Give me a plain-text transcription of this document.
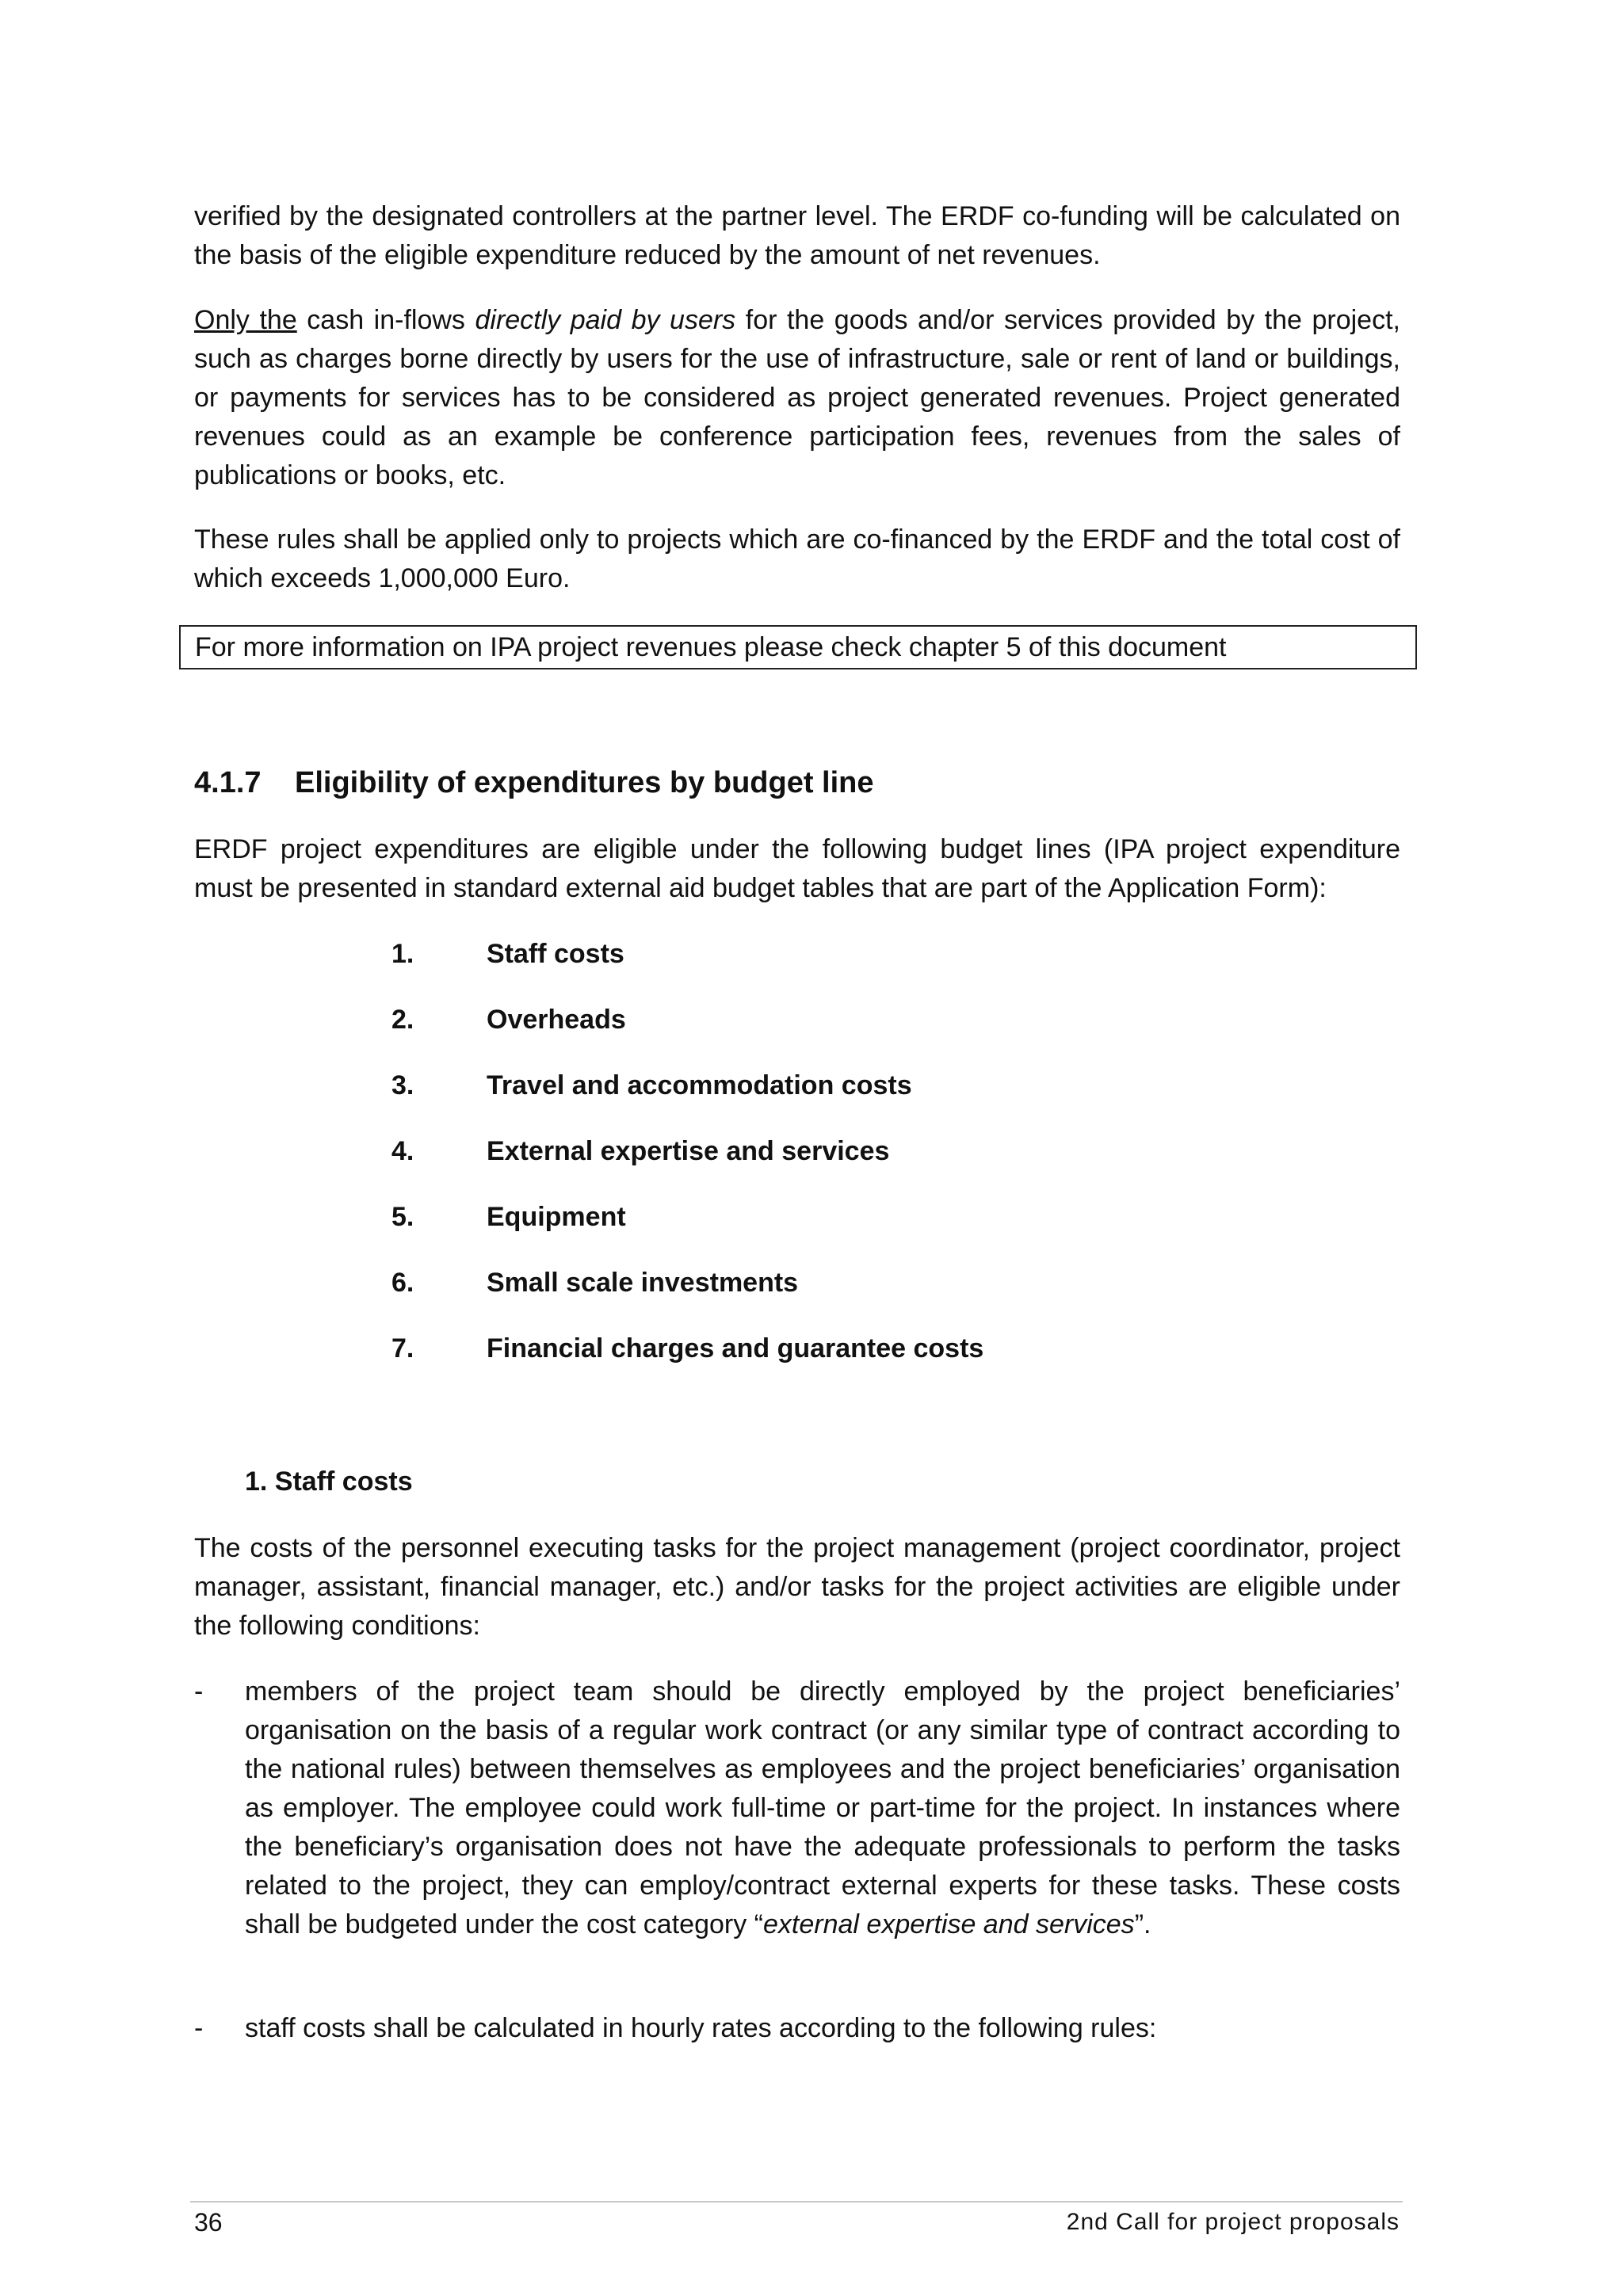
verified by the designated controllers at the partner level. The ERDF co-funding will be calculated on the basis of the eligible expenditure reduced by the amount of net revenues.

Only the cash in-flows directly paid by users for the goods and/or services provided by the project, such as charges borne directly by users for the use of infrastructure, sale or rent of land or buildings, or payments for services has to be considered as project generated revenues. Project generated revenues could as an example be conference participation fees, revenues from the sales of publications or books, etc.

These rules shall be applied only to projects which are co-financed by the ERDF and the total cost of which exceeds 1,000,000 Euro.

For more information on IPA project revenues please check chapter 5 of this document
4.1.7 Eligibility of expenditures by budget line

ERDF project expenditures are eligible under the following budget lines (IPA project expenditure must be presented in standard external aid budget tables that are part of the Application Form):

1.	Staff costs
2.	Overheads
3.	Travel and accommodation costs
4.	External expertise and services
5.	Equipment
6.	Small scale investments
7.	Financial charges and guarantee costs
1. Staff costs

The costs of the personnel executing tasks for the project management (project coordinator, project manager, assistant, financial manager, etc.) and/or tasks for the project activities are eligible under the following conditions:

- members of the project team should be directly employed by the project beneficiaries’ organisation on the basis of a regular work contract (or any similar type of contract according to the national rules) between themselves as employees and the project beneficiaries’ organisation as employer. The employee could work full-time or part-time for the project. In instances where the beneficiary’s organisation does not have the adequate professionals to perform the tasks related to the project, they can employ/contract external experts for these tasks. These costs shall be budgeted under the cost category “external expertise and services”.
- staff costs shall be calculated in hourly rates according to the following rules:
36	2nd Call for project proposals
